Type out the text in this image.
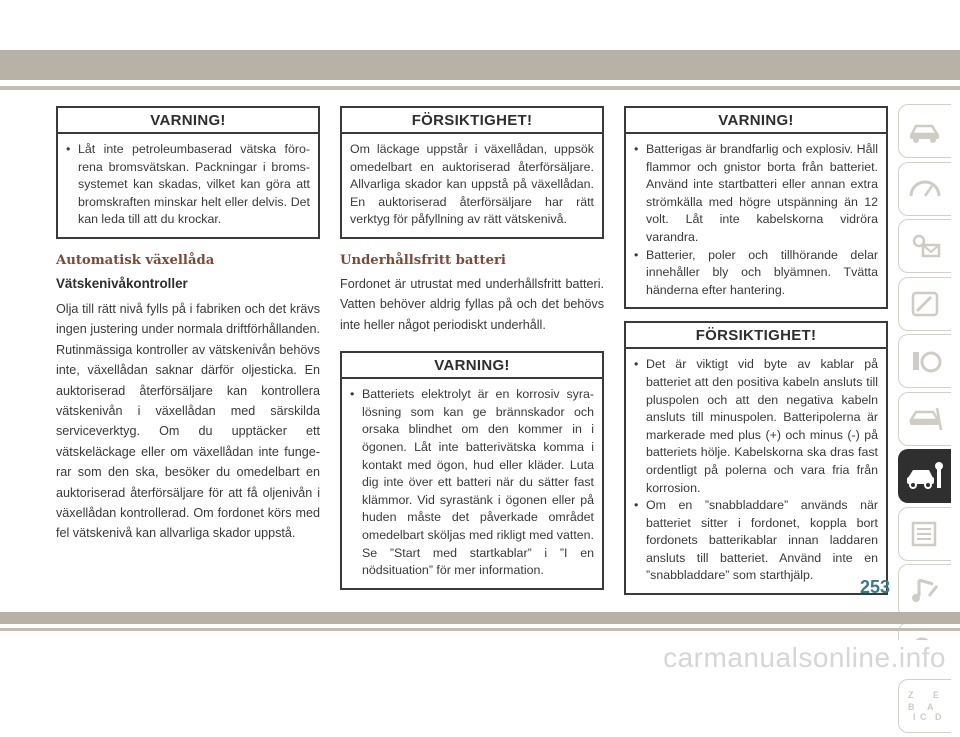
VARNING!
• Låt inte petroleumbaserad vätska förorena bromsvätskan. Packningar i bromssystemet kan skadas, vilket kan göra att bromskraften minskar helt eller delvis. Det kan leda till att du krockar.
Automatisk växellåda
Vätskenivåkontroller

Olja till rätt nivå fylls på i fabriken och det krävs ingen justering under normala driftförhållanden. Rutinmässiga kontroller av vätskenivån behövs inte, växellådan saknar därför oljesticka. En auktoriserad återförsäljare kan kontrollera vätskenivån i växellådan med särskilda serviceverktyg. Om du upptäcker ett vätskeläckage eller om växellådan inte fungerar som den ska, besöker du omedelbart en auktoriserad återförsäljare för att få oljenivån i växellådan kontrollerad. Om fordonet körs med fel vätskenivå kan allvarliga skador uppstå.

FÖRSIKTIGHET!

Om läckage uppstår i växellådan, uppsök omedelbart en auktoriserad återförsäljare. Allvarliga skador kan uppstå på växellådan. En auktoriserad återförsäljare har rätt verktyg för påfyllning av rätt vätskenivå.

Underhållsfritt batteri

Fordonet är utrustat med underhållsfritt batteri. Vatten behöver aldrig fyllas på och det behövs inte heller något periodiskt underhåll.

VARNING!
• Batteriets elektrolyt är en korrosiv syralösning som kan ge brännskador och orsaka blindhet om den kommer in i ögonen. Låt inte batterivätska komma i kontakt med ögon, hud eller kläder. Luta dig inte över ett batteri när du sätter fast klämmor. Vid syrastänk i ögonen eller på huden måste det påverkade området omedelbart sköljas med rikligt med vatten. Se ”Start med startkablar” i ”I en nödsituation” för mer information.
VARNING!
• Batterigas är brandfarlig och explosiv. Håll flammor och gnistor borta från batteriet. Använd inte startbatteri eller annan extra strömkälla med högre utspänning än 12 volt. Låt inte kabelskorna vidröra varandra.
• Batterier, poler och tillhörande delar innehåller bly och blyämnen. Tvätta händerna efter hantering.
FÖRSIKTIGHET!
• Det är viktigt vid byte av kablar på batteriet att den positiva kabeln ansluts till pluspolen och att den negativa kabeln ansluts till minuspolen. Batteripolerna är markerade med plus (+) och minus (-) på batteriets hölje. Kabelskorna ska dras fast ordentligt på polerna och vara fria från korrosion.
• Om en ”snabbladdare” används när batteriet sitter i fordonet, koppla bort fordonets batterikablar innan laddaren ansluts till batteriet. Använd inte en ”snabbladdare” som starthjälp.
Z
B
E
C
A
I D
253
carmanualsonline.info
